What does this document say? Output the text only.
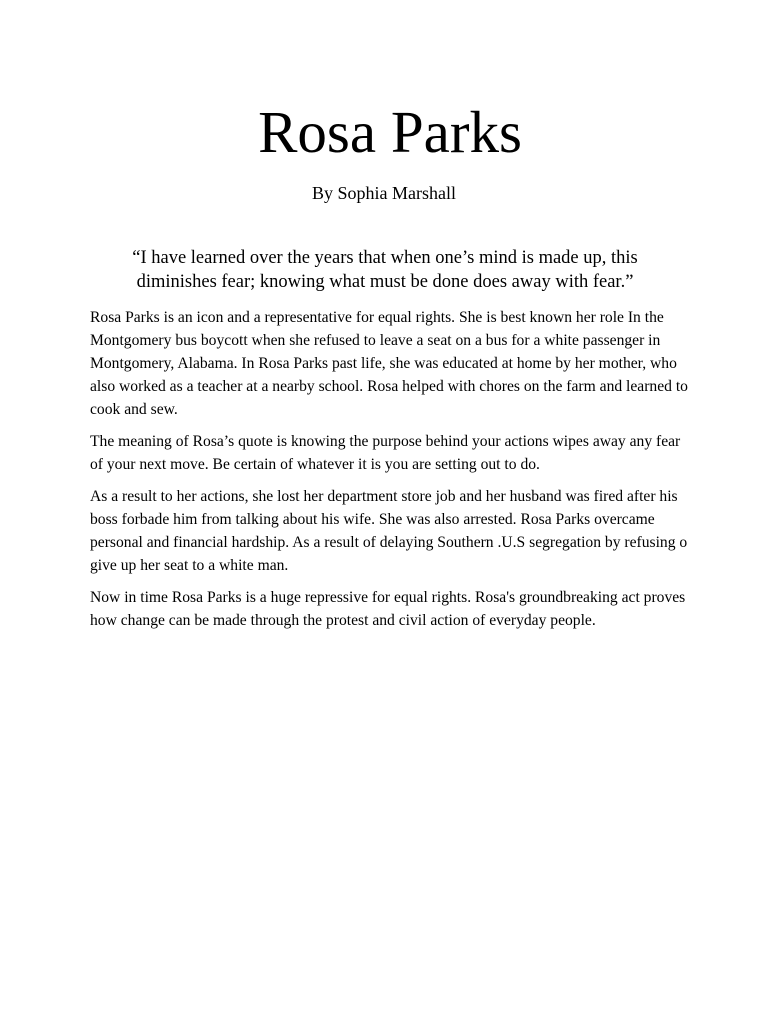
Rosa Parks

By Sophia Marshall

“I have learned over the years that when one’s mind is made up, this
diminishes fear; knowing what must be done does away with fear.”

Rosa Parks is an icon and a representative for equal rights. She is best known her role In the Montgomery bus boycott when she refused to leave a seat on a bus for a white passenger in Montgomery, Alabama. In Rosa Parks past life, she was educated at home by her mother, who also worked as a teacher at a nearby school. Rosa helped with chores on the farm and learned to cook and sew.

The meaning of Rosa’s quote is knowing the purpose behind your actions wipes away any fear of your next move. Be certain of whatever it is you are setting out to do.

As a result to her actions, she lost her department store job and her husband was fired after his boss forbade him from talking about his wife. She was also arrested. Rosa Parks overcame personal and financial hardship. As a result of delaying Southern .U.S segregation by refusing o give up her seat to a white man.

Now in time Rosa Parks is a huge repressive for equal rights. Rosa's groundbreaking act proves how change can be made through the protest and civil action of everyday people.
